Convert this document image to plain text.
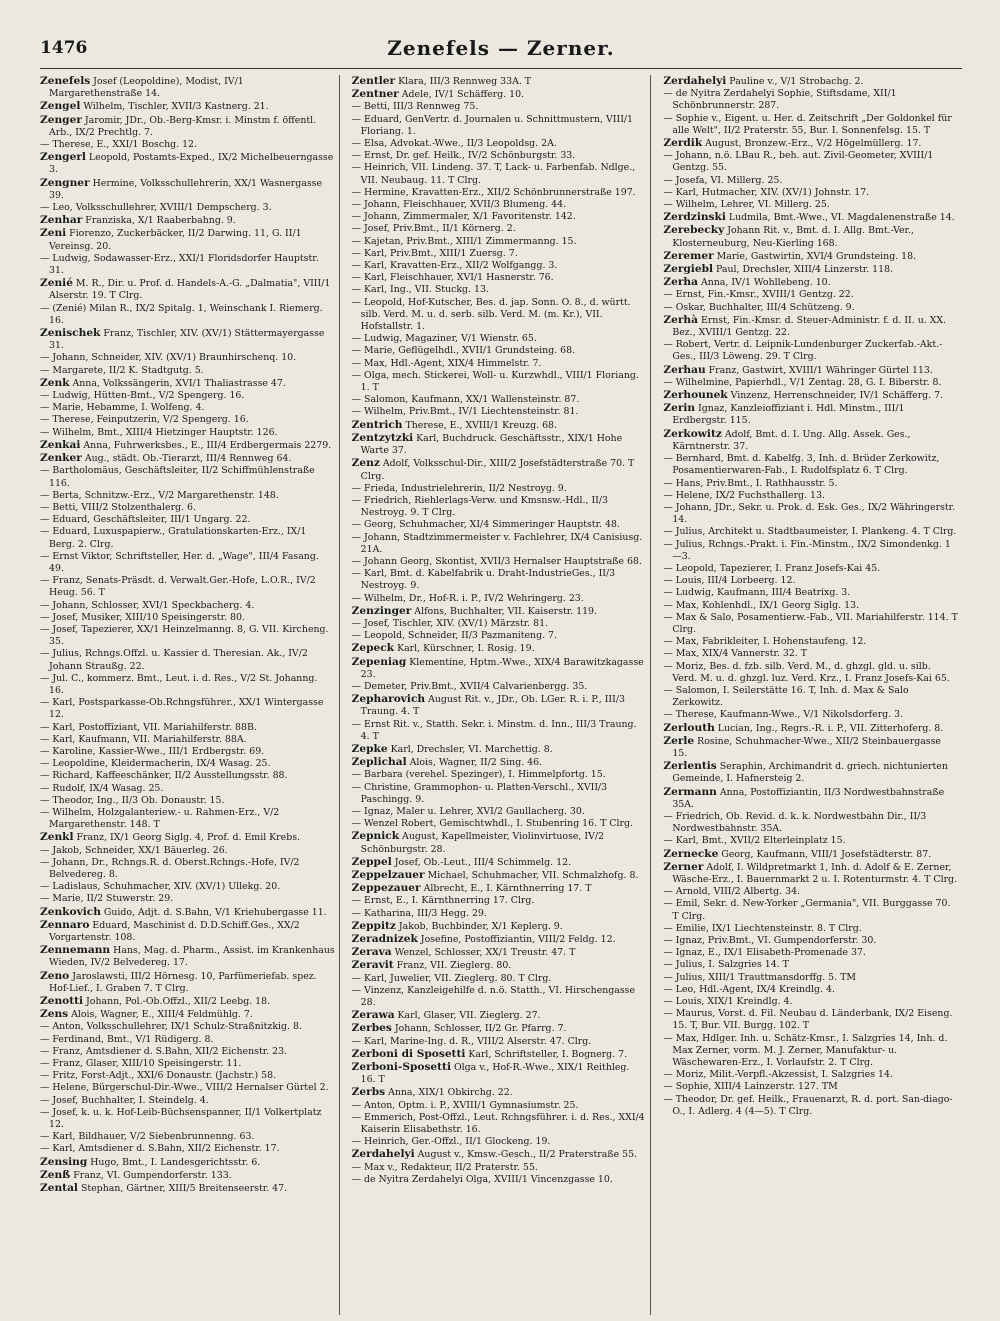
1476	Zenefels — Zerner.

Zenefels Josef (Leopoldine), Modist, IV/1 Margarethenstraße 14.

Zengel Wilhelm, Tischler, XVII/3 Kastnerg. 21.

Zenger Jaromir, JDr., Ob.-Berg-Kmsr. i. Minstm f. öffentl. Arb., IX/2 Prechtlg. 7.

— Therese, E., XXI/1 Boschg. 12.

Zengerl Leopold, Postamts-Exped., IX/2 Michelbeuerngasse 3.

Zengner Hermine, Volksschullehrerin, XX/1 Wasnergasse 39.

— Leo, Volksschullehrer, XVIII/1 Dempscherg. 3.

Zenhar Franziska, X/1 Raaberbahng. 9.

Zeni Fiorenzo, Zuckerbäcker, II/2 Darwing. 11, G. II/1 Vereinsg. 20.

— Ludwig, Sodawasser-Erz., XXI/1 Floridsdorfer Hauptstr. 31.

Zenié M. R., Dir. u. Prof. d. Handels-A.-G. „Dalmatia", VIII/1 Alserstr. 19. T Clrg.

— (Zenié) Milan R., IX/2 Spitalg. 1, Weinschank I. Riemerg. 16.

Zenischek Franz, Tischler, XIV. (XV/1) Stättermayergasse 31.

— Johann, Schneider, XIV. (XV/1) Braunhirschenq. 10.

— Margarete, II/2 K. Stadtgutg. 5.

Zenk Anna, Volkssängerin, XVI/1 Thaliastrasse 47.

— Ludwig, Hütten-Bmt., V/2 Spengerg. 16.

— Marie, Hebamme, I. Wolfeng. 4.

— Therese, Feinputzerin, V/2 Spengerg. 16.

— Wilhelm, Bmt., XIII/4 Hietzinger Hauptstr. 126.

Zenkai Anna, Fuhrwerksbes., E., III/4 Erdbergermais 2279.

Zenker Aug., städt. Ob.-Tierarzt, III/4 Rennweg 64.

— Bartholomäus, Geschäftsleiter, II/2 Schiffmühlenstraße 116.

— Berta, Schnitzw.-Erz., V/2 Margarethenstr. 148.

— Betti, VIII/2 Stolzenthalerg. 6.

— Eduard, Geschäftsleiter, III/1 Ungarg. 22.

— Eduard, Luxuspapierw., Gratulationskarten-Erz., IX/1 Berg. 2. Clrg.

— Ernst Viktor, Schriftsteller, Her. d. „Wage", III/4 Fasang. 49.

— Franz, Senats-Präsdt. d. Verwalt.Ger.-Hofe, L.O.R., IV/2 Heug. 56. T

— Johann, Schlosser, XVI/1 Speckbacherg. 4.

— Josef, Musiker, XIII/10 Speisingerstr. 80.

— Josef, Tapezierer, XX/1 Heinzelmanng. 8, G. VII. Kircheng. 35.

— Julius, Rchngs.Offzl. u. Kassier d. Theresian. Ak., IV/2 Johann Straußg. 22.

— Jul. C., kommerz. Bmt., Leut. i. d. Res., V/2 St. Johanng. 16.

— Karl, Postsparkasse-Ob.Rchngsführer., XX/1 Wintergasse 12.

— Karl, Postoffiziant, VII. Mariahilferstr. 88B.

— Karl, Kaufmann, VII. Mariahilferstr. 88A.

— Karoline, Kassier-Wwe., III/1 Erdbergstr. 69.

— Leopoldine, Kleidermacherin, IX/4 Wasag. 25.

— Richard, Kaffeeschänker, II/2 Ausstellungsstr. 88.

— Rudolf, IX/4 Wasag. 25.

— Theodor, Ing., II/3 Ob. Donaustr. 15.

— Wilhelm, Holzgalanteriew.- u. Rahmen-Erz., V/2 Margarethenstr. 148. T

Zenkl Franz, IX/1 Georg Siglg. 4, Prof. d. Emil Krebs.

— Jakob, Schneider, XX/1 Bäuerleg. 26.

— Johann, Dr., Rchngs.R. d. Oberst.Rchngs.-Hofe, IV/2 Belvedereg. 8.

— Ladislaus, Schuhmacher, XIV. (XV/1) Ullekg. 20.

— Marie, II/2 Stuwerstr. 29.

Zenkovich Guido, Adjt. d. S.Bahn, V/1 Kriehubergasse 11.

Zennaro Eduard, Maschinist d. D.D.Schiff.Ges., XX/2 Vorgartenstr. 108.

Zennemann Hans, Mag. d. Pharm., Assist. im Krankenhaus Wieden, IV/2 Belvedereg. 17.

Zeno Jaroslawsti, III/2 Hörnesg. 10, Parfümeriefab. spez. Hof-Lief., I. Graben 7. T Clrg.

Zenotti Johann, Pol.-Ob.Offzl., XII/2 Leebg. 18.

Zens Alois, Wagner, E., XIII/4 Feldmühlg. 7.

— Anton, Volksschullehrer, IX/1 Schulz-Straßnitzkig. 8.

— Ferdinand, Bmt., V/1 Rüdigerg. 8.

— Franz, Amtsdiener d. S.Bahn, XII/2 Eichenstr. 23.

— Franz, Glaser, XIII/10 Speisingerstr. 11.

— Fritz, Forst-Adjt., XXI/6 Donaustr. (Jachstr.) 58.

— Helene, Bürgerschul-Dir.-Wwe., VIII/2 Hernalser Gürtel 2.

— Josef, Buchhalter, I. Steindelg. 4.

— Josef, k. u. k. Hof-Leib-Büchsenspanner, II/1 Volkertplatz 12.

— Karl, Bildhauer, V/2 Siebenbrunnenng. 63.

— Karl, Amtsdiener d. S.Bahn, XII/2 Eichenstr. 17.

Zensing Hugo, Bmt., I. Landesgerichtsstr. 6.

Zenß Franz, VI. Gumpendorferstr. 133.

Zental Stephan, Gärtner, XIII/5 Breitenseerstr. 47.

Zentler Klara, III/3 Rennweg 33A. T

Zentner Adele, IV/1 Schäfferg. 10.

— Betti, III/3 Rennweg 75.

— Eduard, GenVertr. d. Journalen u. Schnittmustern, VIII/1 Floriang. 1.

— Elsa, Advokat.-Wwe., II/3 Leopoldsg. 2A.

— Ernst, Dr. gef. Heilk., IV/2 Schönburgstr. 33.

— Heinrich, VII. Lindeng. 37. T, Lack- u. Farbenfab. Ndlge., VII. Neubaug. 11. T Clrg.

— Hermine, Kravatten-Erz., XII/2 Schönbrunnerstraße 197.

— Johann, Fleischhauer, XVII/3 Blumeng. 44.

— Johann, Zimmermaler, X/1 Favoritenstr. 142.

— Josef, Priv.Bmt., II/1 Körnerg. 2.

— Kajetan, Priv.Bmt., XIII/1 Zimmermanng. 15.

— Karl, Priv.Bmt., XIII/1 Zuersg. 7.

— Karl, Kravatten-Erz., XII/2 Wolfgangg. 3.

— Karl, Fleischhauer, XVI/1 Hasnerstr. 76.

— Karl, Ing., VII. Stuckg. 13.

— Leopold, Hof-Kutscher, Bes. d. jap. Sonn. O. 8., d. württ. silb. Verd. M. u. d. serb. silb. Verd. M. (m. Kr.), VII. Hofstallstr. 1.

— Ludwig, Magaziner, V/1 Wienstr. 65.

— Marie, Geflügelhdl., XVII/1 Grundsteing. 68.

— Max, Hdl.-Agent, XIX/4 Himmelstr. 7.

— Olga, mech. Stickerei, Woll- u. Kurzwhdl., VIII/1 Floriang. 1. T

— Salomon, Kaufmann, XX/1 Wallensteinstr. 87.

— Wilhelm, Priv.Bmt., IV/1 Liechtensteinstr. 81.

Zentrich Therese, E., XVIII/1 Kreuzg. 68.

Zentzytzki Karl, Buchdruck. Geschäftsstr., XIX/1 Hohe Warte 37.

Zenz Adolf, Volksschul-Dir., XIII/2 Josefstädterstraße 70. T Clrg.

— Frieda, Industrielehrerin, II/2 Nestroyg. 9.

— Friedrich, Riehlerlags-Verw. und Kmsnsw.-Hdl., II/3 Nestroyg. 9. T Clrg.

— Georg, Schuhmacher, XI/4 Simmeringer Hauptstr. 48.

— Johann, Stadtzimmermeister v. Fachlehrer, IX/4 Canisiusg. 21A.

— Johann Georg, Skontist, XVII/3 Hernalser Hauptstraße 68.

— Karl, Bmt. d. Kabelfabrik u. Draht-IndustrieGes., II/3 Nestroyg. 9.

— Wilhelm, Dr., Hof-R. i. P., IV/2 Wehringerg. 23.

Zenzinger Alfons, Buchhalter, VII. Kaiserstr. 119.

— Josef, Tischler, XIV. (XV/1) Märzstr. 81.

— Leopold, Schneider, II/3 Pazmaniteng. 7.

Zepeck Karl, Kürschner, I. Rosig. 19.

Zepeniag Klementine, Hptm.-Wwe., XIX/4 Barawitzkagasse 23.

— Demeter, Priv.Bmt., XVII/4 Calvarienbergg. 35.

Zepharovich August Rit. v., JDr., Ob. LGer. R. i. P., III/3 Traung. 4. T

— Ernst Rit. v., Statth. Sekr. i. Minstm. d. Inn., III/3 Traung. 4. T

Zepke Karl, Drechsler, VI. Marchettig. 8.

Zeplichal Alois, Wagner, II/2 Sing. 46.

— Barbara (verehel. Spezinger), I. Himmelpfortg. 15.

— Christine, Grammophon- u. Platten-Verschl., XVII/3 Paschingg. 9.

— Ignaz, Maler u. Lehrer, XVI/2 Gaullacherg. 30.

— Wenzel Robert, Gemischtwhdl., I. Stubenring 16. T Clrg.

Zepnick August, Kapellmeister, Violinvirtuose, IV/2 Schönburgstr. 28.

Zeppel Josef, Ob.-Leut., III/4 Schimmelg. 12.

Zeppelzauer Michael, Schuhmacher, VII. Schmalzhofg. 8.

Zeppezauer Albrecht, E., I. Kärnthnerring 17. T

— Ernst, E., I. Kärnthnerring 17. Clrg.

— Katharina, III/3 Hegg. 29.

Zeppitz Jakob, Buchbinder, X/1 Keplerg. 9.

Zeradnizek Josefine, Postoffiziantin, VIII/2 Feldg. 12.

Zerava Wenzel, Schlosser, XX/1 Treustr. 47. T

Zeravit Franz, VII. Zieglerg. 80.

— Karl, Juwelier, VII. Zieglerg. 80. T Clrg.

— Vinzenz, Kanzleigehilfe d. n.ö. Statth., VI. Hirschengasse 28.

Zerawa Karl, Glaser, VII. Zieglerg. 27.

Zerbes Johann, Schlosser, II/2 Gr. Pfarrg. 7.

— Karl, Marine-Ing. d. R., VIII/2 Alserstr. 47. Clrg.

Zerboni di Sposetti Karl, Schriftsteller, I. Bognerg. 7.

Zerboni-Sposetti Olga v., Hof-R.-Wwe., XIX/1 Reithleg. 16. T

Zerbs Anna, XIX/1 Obkirchg. 22.

— Anton, Optm. i. P., XVIII/1 Gymnasiumstr. 25.

— Emmerich, Post-Offzl., Leut. Rchngsführer. i. d. Res., XXI/4 Kaiserin Elisabethstr. 16.

— Heinrich, Ger.-Offzl., II/1 Glockeng. 19.

Zerdahelyi August v., Kmsw.-Gesch., II/2 Praterstraße 55.

— Max v., Redakteur, II/2 Praterstr. 55.

— de Nyitra Zerdahelyi Olga, XVIII/1 Vincenzgasse 10.

Zerdahelyi Pauline v., V/1 Strobachg. 2.

— de Nyitra Zerdahelyi Sophie, Stiftsdame, XII/1 Schönbrunnerstr. 287.

— Sophie v., Eigent. u. Her. d. Zeitschrift „Der Goldonkel für alle Welt", II/2 Praterstr. 55, Bur. I. Sonnenfelsg. 15. T

Zerdik August, Bronzew.-Erz., V/2 Högelmüllerg. 17.

— Johann, n.ö. LBau R., beh. aut. Zivil-Geometer, XVIII/1 Gentzg. 55.

— Josefa, VI. Millerg. 25.

— Karl, Hutmacher, XIV. (XV/1) Johnstr. 17.

— Wilhelm, Lehrer, VI. Millerg. 25.

Zerdzinski Ludmila, Bmt.-Wwe., VI. Magdalenenstraße 14.

Zerebecky Johann Rit. v., Bmt. d. I. Allg. Bmt.-Ver., Klosterneuburg, Neu-Kierling 168.

Zeremer Marie, Gastwirtin, XVI/4 Grundsteing. 18.

Zergiebl Paul, Drechsler, XIII/4 Linzerstr. 118.

Zerha Anna, IV/1 Wohllebeng. 10.

— Ernst, Fin.-Kmsr., XVIII/1 Gentzg. 22.

— Oskar, Buchhalter, III/4 Schützeng. 9.

Zerhà Ernst, Fin.-Kmsr. d. Steuer-Administr. f. d. II. u. XX. Bez., XVIII/1 Gentzg. 22.

— Robert, Vertr. d. Leipnik-Lundenburger Zuckerfab.-Akt.-Ges., III/3 Löweng. 29. T Clrg.

Zerhau Franz, Gastwirt, XVIII/1 Währinger Gürtel 113.

— Wilhelmine, Papierhdl., V/1 Zentag. 28, G. I. Biberstr. 8.

Zerhounek Vinzenz, Herrenschneider, IV/1 Schäfferg. 7.

Zerin Ignaz, Kanzleioffiziant i. Hdl. Minstm., III/1 Erdbergstr. 115.

Zerkowitz Adolf, Bmt. d. I. Ung. Allg. Assek. Ges., Kärntnerstr. 37.

— Bernhard, Bmt. d. Kabelfg. 3, Inh. d. Brüder Zerkowitz, Posamentierwaren-Fab., I. Rudolfsplatz 6. T Clrg.

— Hans, Priv.Bmt., I. Rathhausstr. 5.

— Helene, IX/2 Fuchsthallerg. 13.

— Johann, JDr., Sekr. u. Prok. d. Esk. Ges., IX/2 Währingerstr. 14.

— Julius, Architekt u. Stadtbaumeister, I. Plankeng. 4. T Clrg.

— Julius, Rchngs.-Prakt. i. Fin.-Minstm., IX/2 Simondenkg. 1—3.

— Leopold, Tapezierer, I. Franz Josefs-Kai 45.

— Louis, III/4 Lorbeerg. 12.

— Ludwig, Kaufmann, III/4 Beatrixg. 3.

— Max, Kohlenhdl., IX/1 Georg Siglg. 13.

— Max & Salo, Posamentierw.-Fab., VII. Mariahilferstr. 114. T Clrg.

— Max, Fabrikleiter, I. Hohenstaufeng. 12.

— Max, XIX/4 Vannerstr. 32. T

— Moriz, Bes. d. fzb. silb. Verd. M., d. ghzgl. gld. u. silb. Verd. M. u. d. ghzgl. luz. Verd. Krz., I. Franz Josefs-Kai 65.

— Salomon, I. Seilerstätte 16. T, Inh. d. Max & Salo Zerkowitz.

— Therese, Kaufmann-Wwe., V/1 Nikolsdorferg. 3.

Zerlouth Lucian, Ing., Regrs.-R. i. P., VII. Zitterhoferg. 8.

Zerle Rosine, Schuhmacher-Wwe., XII/2 Steinbauergasse 15.

Zerlentis Seraphin, Archimandrit d. griech. nichtunierten Gemeinde, I. Hafnersteig 2.

Zermann Anna, Postoffiziantin, II/3 Nordwestbahnstraße 35A.

— Friedrich, Ob. Revid. d. k. k. Nordwestbahn Dir., II/3 Nordwestbahnstr. 35A.

— Karl, Bmt., XVII/2 Elterleinplatz 15.

Zernecke Georg, Kaufmann, VIII/1 Josefstädterstr. 87.

Zerner Adolf, I. Wildpretmarkt 1, Inh. d. Adolf & E. Zerner, Wäsche-Erz., I. Bauernmarkt 2 u. I. Rotenturmstr. 4. T Clrg.

— Arnold, VIII/2 Albertg. 34.

— Emil, Sekr. d. New-Yorker „Germania", VII. Burggasse 70. T Clrg.

— Emilie, IX/1 Liechtensteinstr. 8. T Clrg.

— Ignaz, Priv.Bmt., VI. Gumpendorferstr. 30.

— Ignaz, E., IX/1 Elisabeth-Promenade 37.

— Julius, I. Salzgries 14. T

— Julius, XIII/1 Trauttmansdorffg. 5. TM

— Leo, Hdl.-Agent, IX/4 Kreindlg. 4.

— Louis, XIX/1 Kreindlg. 4.

— Maurus, Vorst. d. Fil. Neubau d. Länderbank, IX/2 Eiseng. 15. T, Bur. VII. Burgg. 102. T

— Max, Hdlger. Inh. u. Schätz-Kmsr., I. Salzgries 14, Inh. d. Max Zerner, vorm. M. J. Zerner, Manufaktur- u. Wäschewaren-Erz., I. Vorlaufstr. 2. T Clrg.

— Moriz, Milit.-Verpfl.-Akzessist, I. Salzgries 14.

— Sophie, XIII/4 Lainzerstr. 127. TM

— Theodor, Dr. gef. Heilk., Frauenarzt, R. d. port. San-diago-O., I. Adlerg. 4 (4—5). T Clrg.
